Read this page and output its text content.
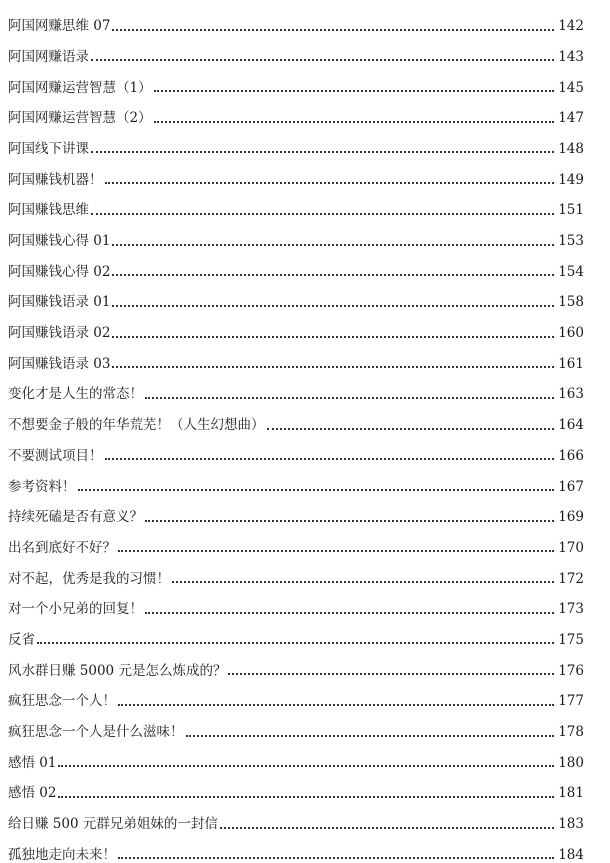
阿国网赚思维 07	142
阿国网赚语录	143
阿国网赚运营智慧（1）	145
阿国网赚运营智慧（2）	147
阿国线下讲课	148
阿国赚钱机器！	149
阿国赚钱思维	151
阿国赚钱心得 01	153
阿国赚钱心得 02	154
阿国赚钱语录 01	158
阿国赚钱语录 02	160
阿国赚钱语录 03	161
变化才是人生的常态！	163
不想要金子般的年华荒芜！（人生幻想曲）	164
不要测试项目！	166
参考资料！	167
持续死磕是否有意义？	169
出名到底好不好？	170
对不起，优秀是我的习惯！	172
对一个小兄弟的回复！	173
反省	175
风水群日赚 5000 元是怎么炼成的？	176
疯狂思念一个人！	177
疯狂思念一个人是什么滋味！	178
感悟 01	180
感悟 02	181
给日赚 500 元群兄弟姐妹的一封信	183
孤独地走向未来！	184
